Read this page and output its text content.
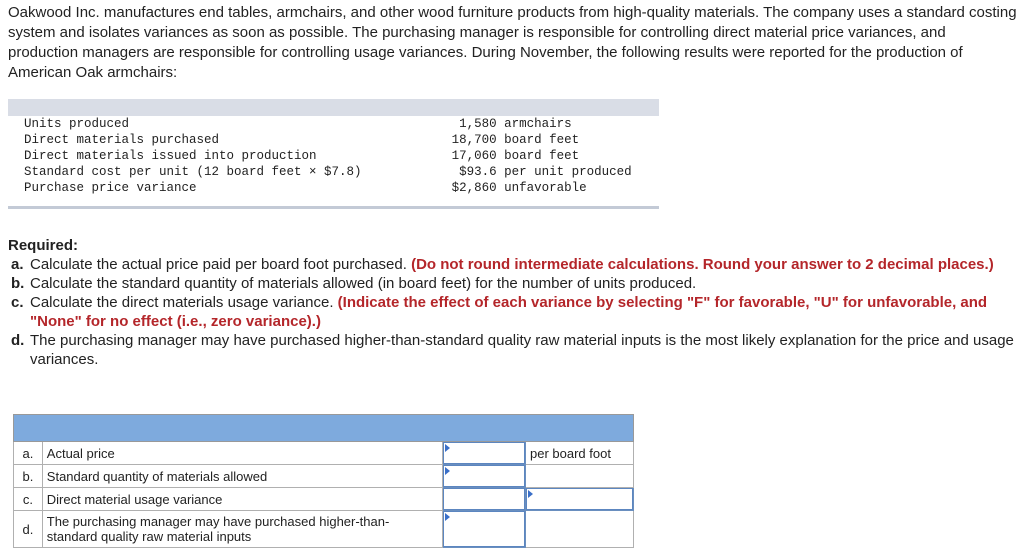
Oakwood Inc. manufactures end tables, armchairs, and other wood furniture products from high-quality materials. The company uses a standard costing system and isolates variances as soon as possible. The purchasing manager is responsible for controlling direct material price variances, and production managers are responsible for controlling usage variances. During November, the following results were reported for the production of American Oak armchairs:

Units produced	1,580 armchairs
Direct materials purchased	18,700 board feet
Direct materials issued into production	17,060 board feet
Standard cost per unit (12 board feet × $7.8)	$93.6 per unit produced
Purchase price variance	$2,860 unfavorable

Required:

a. Calculate the actual price paid per board foot purchased. (Do not round intermediate calculations. Round your answer to 2 decimal places.)
b. Calculate the standard quantity of materials allowed (in board feet) for the number of units produced.
c. Calculate the direct materials usage variance. (Indicate the effect of each variance by selecting "F" for favorable, "U" for unfavorable, and "None" for no effect (i.e., zero variance).)
d. The purchasing manager may have purchased higher-than-standard quality raw material inputs is the most likely explanation for the price and usage variances.

a.	Actual price		per board foot
b.	Standard quantity of materials allowed	

c.	Direct material usage variance	

d.	The purchasing manager may have purchased higher-than-standard quality raw material inputs	
